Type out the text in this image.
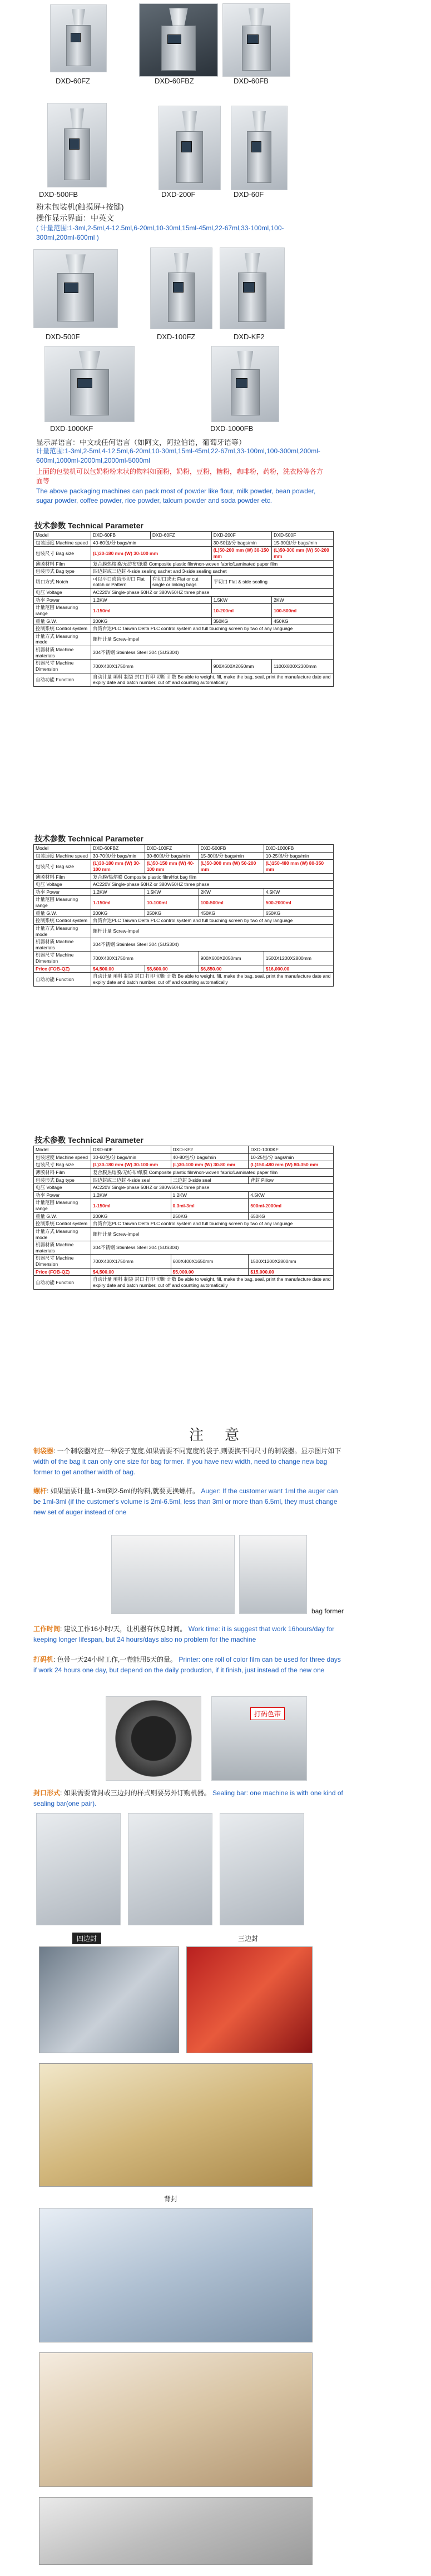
DXD-60FZ	DXD-60FBZ	DXD-60FB
DXD-500FB	DXD-200F	DXD-60F
粉末包装机(触摸屏+按键)
操作显示界面：中英文
( 计量范围:1-3ml,2-5ml,4-12.5ml,6-20ml,10-30ml,15ml-45ml,22-67ml,33-100ml,100-300ml,200ml-600ml )
DXD-500F	DXD-100FZ	DXD-KF2
DXD-1000KF	DXD-1000FB
显示屏语言：中文或任何语言（如阿文，阿拉伯语，葡萄牙语等）
计量范围:1-3ml,2-5ml,4-12.5ml,6-20ml,10-30ml,15ml-45ml,22-67ml,33-100ml,100-300ml,200ml-600ml,1000ml-2000ml,2000ml-5000ml
上面的包装机可以包奶粉粉末状的物料如面粉，奶粉，豆粉，糖粉，咖啡粉，药粉，洗衣粉等各方面等
The above packaging machines can pack most of powder like flour, milk powder, bean powder, sugar powder, coffee powder, rice powder, talcum powder and soda powder etc.
技术参数 Technical Parameter
Model	DXD-60FB	DXD-60FZ	DXD-200F	DXD-500F
包装速度 Machine speed	40-60包/分 bags/min		30-50包/分 bags/min	15-30包/分 bags/min
包装尺寸 Bag size	(L)30-180 mm (W) 30-100 mm		(L)50-200 mm (W) 30-150 mm	(L)50-300 mm (W) 50-200 mm
薄膜材料 Film	复合膜热熔膜/无纺布/纸膜 Composite plastic film/non-woven fabric/Laminated paper film			
包装形式 Bag type	四边封或三边封 4-side sealing sachet and 3-side sealing sachet			
切口方式 Notch	可以平口或齿形切口 Flat notch or Pattern	有切口或无 Flat or cut single or linking bags	平切口 Flat & side sealing	
电压 Voltage	AC220V Single-phase 50HZ or 380V/50HZ three phase			
功率 Power	1.2KW		1.5KW	2KW
计量范围 Measuring range	1-150ml		10-200ml	100-500ml
重量 G.W.	200KG		350KG	450KG
控制系统 Control system	台湾台达PLC Taiwan Delta PLC control system and full touching screen by two of any language			
计量方式 Measuring mode	螺杆计量 Screw-impel			
机器材质 Machine materials	304不锈钢 Stainless Steel 304 (SUS304)			
机器尺寸 Machine Dimension	700X400X1750mm		900X600X2050mm	1100X800X2300mm
自动功能 Function	自动计量 填料 制袋 封口 打印 切断 计数 Be able to weight, fill, make the bag, seal, print the manufacture date and expiry date and batch number, cut off and counting automatically			
技术参数 Technical Parameter
Model	DXD-60FBZ	DXD-100FZ	DXD-500FB	DXD-1000FB
包装速度 Machine speed	30-70包/分 bags/min	30-60包/分 bags/min	15-30包/分 bags/min	10-25包/分 bags/min
包装尺寸 Bag size	(L)30-180 mm (W) 30-100 mm	(L)50-150 mm (W) 40-100 mm	(L)50-300 mm (W) 50-200 mm	(L)150-480 mm (W) 80-350 mm
薄膜材料 Film	复合膜/热熔膜 Composite plastic film/Hot bag film			
电压 Voltage	AC220V Single-phase 50HZ or 380V/50HZ three phase			
功率 Power	1.2KW	1.5KW	2KW	4.5KW
计量范围 Measuring range	1-150ml	10-100ml	100-500ml	500-2000ml
重量 G.W.	200KG	250KG	450KG	650KG
控制系统 Control system	台湾台达PLC Taiwan Delta PLC control system and full touching screen by two of any language			
计量方式 Measuring mode	螺杆计量 Screw-impel			
机器材质 Machine materials	304不锈钢 Stainless Steel 304 (SUS304)			
机器尺寸 Machine Dimension	700X400X1750mm		900X600X2050mm	1500X1200X2800mm
Price (FOB-QZ)	$4,500.00	$5,600.00	$6,850.00	$16,000.00
自动功能 Function	自动计量 填料 制袋 封口 打印 切断 计数 Be able to weight, fill, make the bag, seal, print the manufacture date and expiry date and batch number, cut off and counting automatically			
技术参数 Technical Parameter
Model	DXD-60F	DXD-KF2	DXD-1000KF
包装速度 Machine speed	30-60包/分 bags/min	40-80包/分 bags/min	10-25包/分 bags/min
包装尺寸 Bag size	(L)30-180 mm (W) 30-100 mm	(L)30-100 mm (W) 30-80 mm	(L)150-480 mm (W) 80-350 mm
薄膜材料 Film	复合膜热熔膜/无纺布/纸膜 Composite plastic film/non-woven fabric/Laminated paper film		
包装形式 Bag type	四边封或三边封 4-side seal	三边封 3-side seal	背封 Pillow
电压 Voltage	AC220V Single-phase 50HZ or 380V/50HZ three phase		
功率 Power	1.2KW	1.2KW	4.5KW
计量范围 Measuring range	1-150ml	0.3ml-3ml	500ml-2000ml
重量 G.W.	200KG	250KG	650KG
控制系统 Control system	台湾台达PLC Taiwan Delta PLC control system and full touching screen by two of any language		
计量方式 Measuring mode	螺杆计量 Screw-impel		
机器材质 Machine materials	304不锈钢 Stainless Steel 304 (SUS304)		
机器尺寸 Machine Dimension	700X400X1750mm	600X400X1650mm	1500X1200X2800mm
Price (FOB-QZ)	$4,500.00	$5,000.00	$15,000.00
自动功能 Function	自动计量 填料 制袋 封口 打印 切断 计数 Be able to weight, fill, make the bag, seal, print the manufacture date and expiry date and batch number, cut off and counting automatically		
注　意
制袋器: 一个制袋器对应一种袋子宽度,如果需要不同宽度的袋子,则要换不同尺寸的制袋器。显示图片如下 width of the bag it can only one size for bag former. If you have new width, need to change new bag former to get another width of bag.
螺杆: 如果需要计量1-3ml到2-5ml的物料,就要更换螺杆。 Auger: If the customer want 1ml the auger can be 1ml-3ml (if the customer's volume is 2ml-6.5ml, less than 3ml or more than 6.5ml, they must change new set of auger instead of one
bag former
工作时间: 建议工作16小时/天，让机器有休息时间。 Work time: it is suggest that work 16hours/day for keeping longer lifespan, but 24 hours/days also no problem for the machine
打码机: 色带一天24小时工作,一卷能用5天的量。 Printer: one roll of color film can be used for three days if work 24 hours one day, but depend on the daily production, if it finish, just instead of the new one
打码色带
封口形式: 如果需要背封或三边封的样式则要另外订购机器。 Sealing bar: one machine is with one kind of sealing bar(one pair).
四边封	三边封
背封
